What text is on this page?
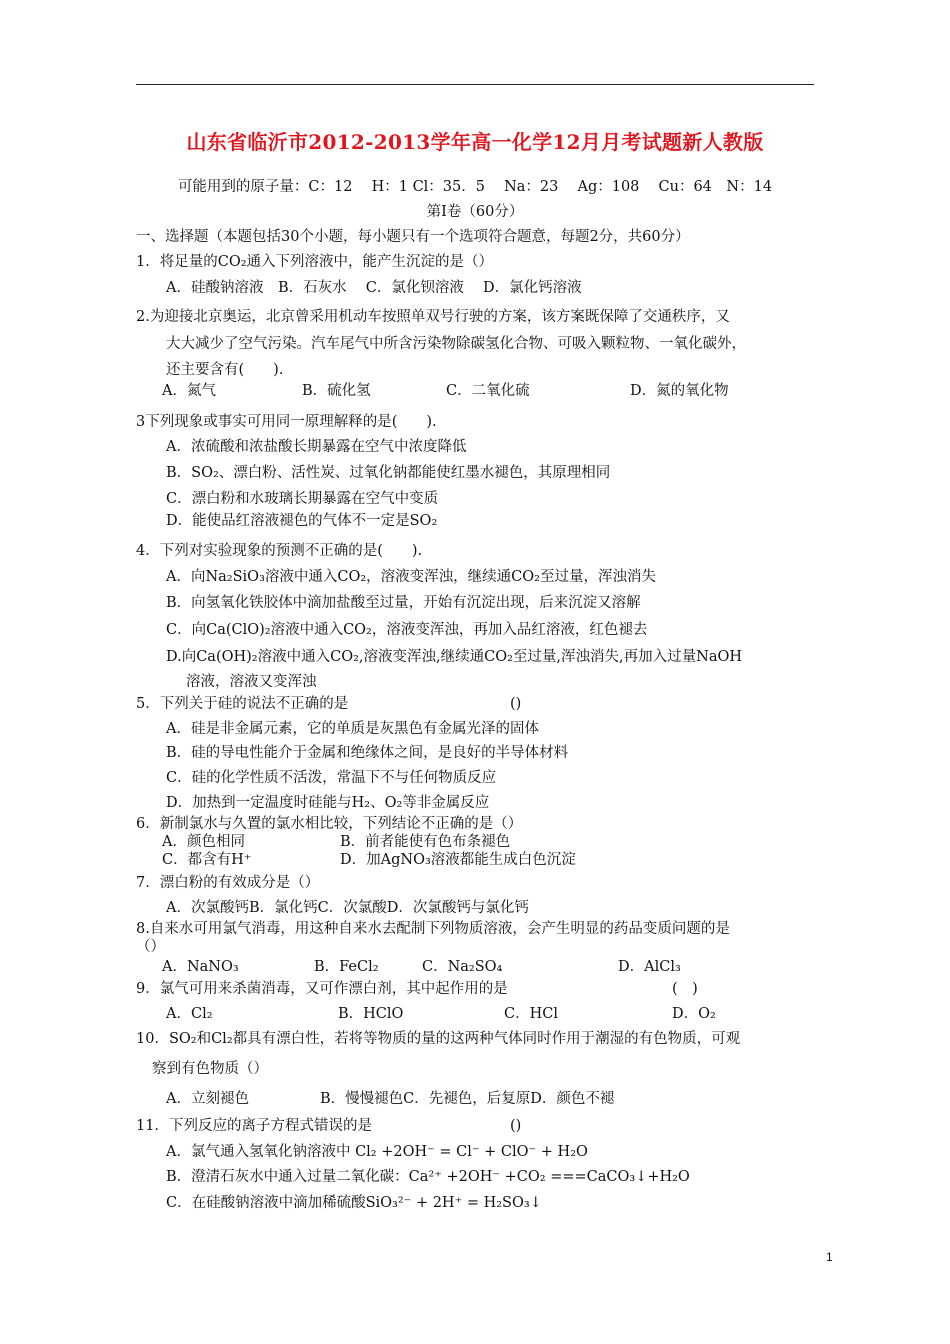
山东省临沂市2012-2013学年高一化学12月月考试题新人教版
可能用到的原子量：C：12　 H：1 Cl：35．5　 Na：23　 Ag：108　 Cu：64　N：14
第Ⅰ卷（60分）
一、选择题（本题包括30个小题，每小题只有一个选项符合题意，每题2分，共60分）
1．将足量的CO₂通入下列溶液中，能产生沉淀的是（）
A．硅酸钠溶液　B．石灰水　 C．氯化钡溶液　 D．氯化钙溶液
2.为迎接北京奥运，北京曾采用机动车按照单双号行驶的方案，该方案既保障了交通秩序，又
大大减少了空气污染。汽车尾气中所含污染物除碳氢化合物、可吸入颗粒物、一氧化碳外，
还主要含有(　　).
A．氮气	B．硫化氢	C．二氧化硫	D．氮的氧化物
3下列现象或事实可用同一原理解释的是(　　).
A．浓硫酸和浓盐酸长期暴露在空气中浓度降低
B．SO₂、漂白粉、活性炭、过氧化钠都能使红墨水褪色，其原理相同
C．漂白粉和水玻璃长期暴露在空气中变质
D．能使品红溶液褪色的气体不一定是SO₂
4．下列对实验现象的预测不正确的是(　　).
A．向Na₂SiO₃溶液中通入CO₂，溶液变浑浊，继续通CO₂至过量，浑浊消失
B．向氢氧化铁胶体中滴加盐酸至过量，开始有沉淀出现，后来沉淀又溶解
C．向Ca(ClO)₂溶液中通入CO₂，溶液变浑浊，再加入品红溶液，红色褪去
D.向Ca(OH)₂溶液中通入CO₂,溶液变浑浊,继续通CO₂至过量,浑浊消失,再加入过量NaOH
溶液，溶液又变浑浊
5．下列关于硅的说法不正确的是	()
A．硅是非金属元素，它的单质是灰黑色有金属光泽的固体
B．硅的导电性能介于金属和绝缘体之间，是良好的半导体材料
C．硅的化学性质不活泼，常温下不与任何物质反应
D．加热到一定温度时硅能与H₂、O₂等非金属反应
6．新制氯水与久置的氯水相比较，下列结论不正确的是（）
A．颜色相同	B．前者能使有色布条褪色
C．都含有H⁺	D．加AgNO₃溶液都能生成白色沉淀
7．漂白粉的有效成分是（）
A．次氯酸钙B．氯化钙C．次氯酸D．次氯酸钙与氯化钙
8.自来水可用氯气消毒，用这种自来水去配制下列物质溶液，会产生明显的药品变质问题的是
（）
A．NaNO₃	B．FeCl₂	C．Na₂SO₄	D．AlCl₃
9．氯气可用来杀菌消毒，又可作漂白剂，其中起作用的是	(　)
A．Cl₂	B．HClO	C．HCl	D．O₂
10．SO₂和Cl₂都具有漂白性，若将等物质的量的这两种气体同时作用于潮湿的有色物质，可观
察到有色物质（）
A．立刻褪色	B．慢慢褪色C．先褪色，后复原D．颜色不褪
11．下列反应的离子方程式错误的是	()
A．氯气通入氢氧化钠溶液中 Cl₂ +2OH⁻ = Cl⁻ + ClO⁻ + H₂O
B．澄清石灰水中通入过量二氧化碳：Ca²⁺ +2OH⁻ +CO₂ ===CaCO₃↓+H₂O
C．在硅酸钠溶液中滴加稀硫酸SiO₃²⁻ + 2H⁺ = H₂SO₃↓
1
